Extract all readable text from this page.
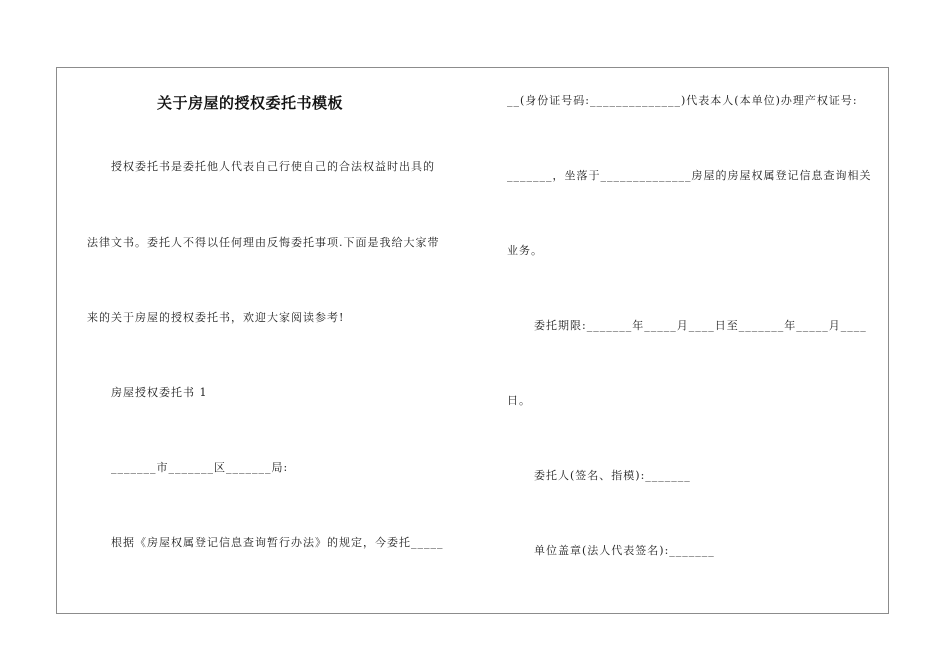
关于房屋的授权委托书模板
授权委托书是委托他人代表自己行使自己的合法权益时出具的
法律文书。委托人不得以任何理由反悔委托事项.下面是我给大家带
来的关于房屋的授权委托书，欢迎大家阅读参考!
房屋授权委托书 1
_______市_______区_______局:
根据《房屋权属登记信息查询暂行办法》的规定，今委托_____
__(身份证号码:______________)代表本人(本单位)办理产权证号:
_______，坐落于______________房屋的房屋权属登记信息查询相关
业务。
委托期限:_______年_____月____日至_______年_____月____
日。
委托人(签名、指模):_______
单位盖章(法人代表签名):_______
